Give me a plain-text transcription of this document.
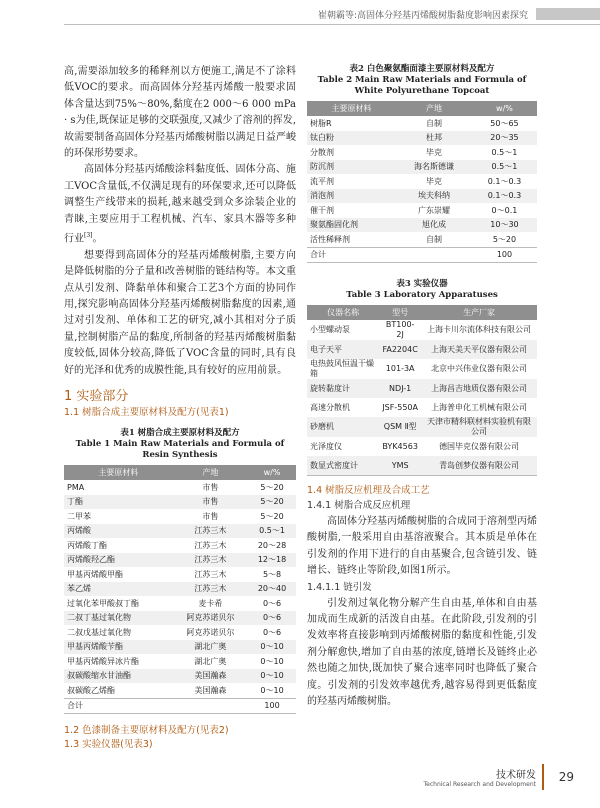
崔朝霸等:高固体分羟基丙烯酸树脂黏度影响因素探究

高,需要添加较多的稀释剂以方便施工,满足不了涂料低VOC的要求。而高固体分羟基丙烯酸一般要求固体含量达到75%～80%,黏度在2 000～6 000 mPa · s为佳,既保证足够的交联强度,又减少了溶剂的挥发,故需要制备高固体分羟基丙烯酸树脂以满足日益严峻的环保形势要求。

高固体分羟基丙烯酸涂料黏度低、固体分高、施工VOC含量低,不仅满足现有的环保要求,还可以降低调整生产线带来的损耗,越来越受到众多涂装企业的青睐,主要应用于工程机械、汽车、家具木器等多种行业[3]。

想要得到高固体分的羟基丙烯酸树脂,主要方向是降低树脂的分子量和改善树脂的链结构等。本文重点从引发剂、降黏单体和聚合工艺3个方面的协同作用,探究影响高固体分羟基丙烯酸树脂黏度的因素,通过对引发剂、单体和工艺的研究,减小其相对分子质量,控制树脂产品的黏度,所制备的羟基丙烯酸树脂黏度较低,固体分较高,降低了VOC含量的同时,具有良好的光泽和优秀的成膜性能,具有较好的应用前景。

1 实验部分
1.1 树脂合成主要原材料及配方(见表1)
表1 树脂合成主要原材料及配方
Table 1 Main Raw Materials and Formula of Resin Synthesis
主要原材料	产地	w/%
PMA	市售	5～20
丁酯	市售	5～20
二甲苯	市售	5～20
丙烯酸	江苏三木	0.5～1
丙烯酸丁酯	江苏三木	20～28
丙烯酸羟乙酯	江苏三木	12～18
甲基丙烯酸甲酯	江苏三木	5～8
苯乙烯	江苏三木	20～40
过氧化苯甲酸叔丁酯	麦卡希	0～6
二叔丁基过氧化物	阿克苏诺贝尔	0～6
二叔戊基过氧化物	阿克苏诺贝尔	0～6
甲基丙烯酸苄酯	湖北广奥	0～10
甲基丙烯酸异冰片酯	湖北广奥	0～10
叔碳酸缩水甘油酯	美国瀚森	0～10
叔碳酸乙烯酯	美国瀚森	0～10
合计		100
1.2 色漆制备主要原材料及配方(见表2)
1.3 实验仪器(见表3)
表2 白色聚氨酯面漆主要原材料及配方
Table 2 Main Raw Materials and Formula of White Polyurethane Topcoat
主要原材料	产地	w/%
树脂R	自制	50～65
钛白粉	杜邦	20～35
分散剂	毕克	0.5～1
防沉剂	海名斯德谦	0.5～1
流平剂	毕克	0.1～0.3
消泡剂	埃夫科纳	0.1～0.3
催干剂	广东崇耀	0～0.1
聚氨酯固化剂	旭化成	10～30
活性稀释剂	自制	5～20
合计		100
表3 实验仪器
Table 3 Laboratory Apparatuses
仪器名称	型号	生产厂家
小型螺动泵	BT100-2J	上海卡川尔流体科技有限公司
电子天平	FA2204C	上海天美天平仪器有限公司
电热鼓风恒温干燥箱	101-3A	北京中兴伟业仪器有限公司
旋转黏度计	NDJ-1	上海昌吉地质仪器有限公司
高速分散机	JSF-550A	上海普申化工机械有限公司
砂磨机	QSM Ⅱ型	天津市精科联材料实验机有限公司
光泽度仪	BYK4563	德国毕克仪器有限公司
数显式密度计	YMS	青岛创梦仪器有限公司
1.4 树脂反应机理及合成工艺
1.4.1 树脂合成反应机理

高固体分羟基丙烯酸树脂的合成同于溶剂型丙烯酸树脂,一般采用自由基溶液聚合。其本质是单体在引发剂的作用下进行的自由基聚合,包含链引发、链增长、链终止等阶段,如图1所示。

1.4.1.1 链引发

引发剂过氧化物分解产生自由基,单体和自由基加成而生成新的活泼自由基。在此阶段,引发剂的引发效率将直接影响到丙烯酸树脂的黏度和性能,引发剂分解愈快,增加了自由基的浓度,链增长及链终止必然也随之加快,既加快了聚合速率同时也降低了聚合度。引发剂的引发效率越优秀,越容易得到更低黏度的羟基丙烯酸树脂。

技术研发
Technical Research and Development
29
